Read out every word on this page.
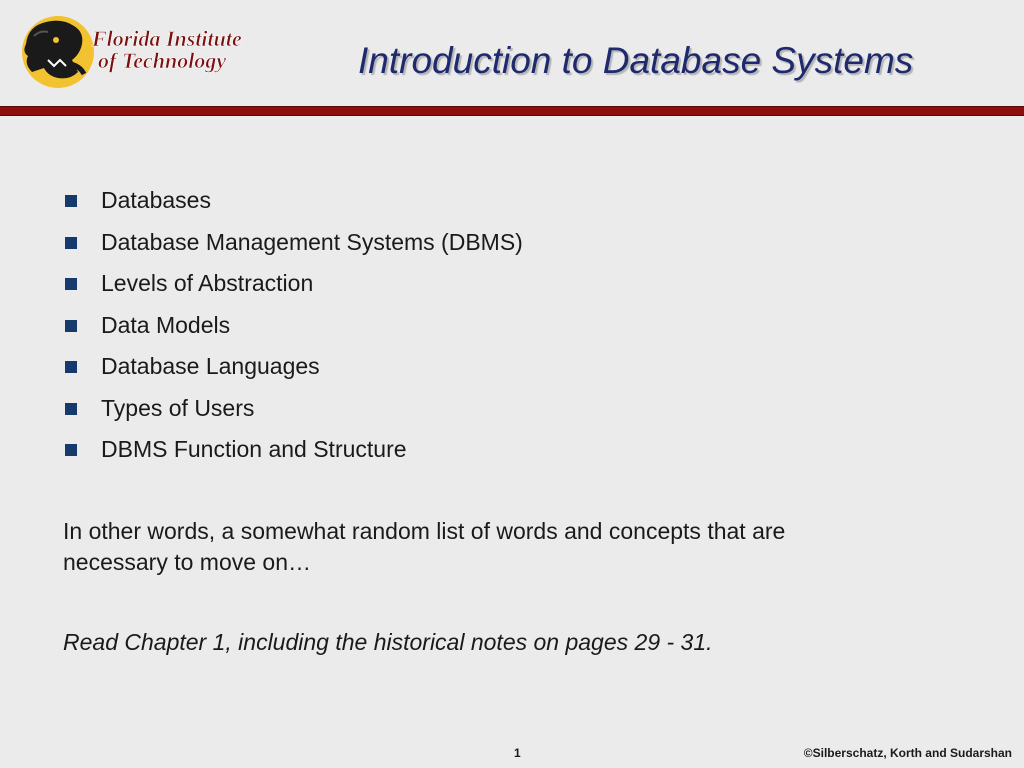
Florida Institute
of Technology	Introduction to Database Systems
Databases
Database Management Systems (DBMS)
Levels of Abstraction
Data Models
Database Languages
Types of Users
DBMS Function and Structure

In other words, a somewhat random list of words and concepts that are necessary to move on…

Read Chapter 1, including the historical notes on pages 29 - 31.

1	©Silberschatz, Korth and Sudarshan
